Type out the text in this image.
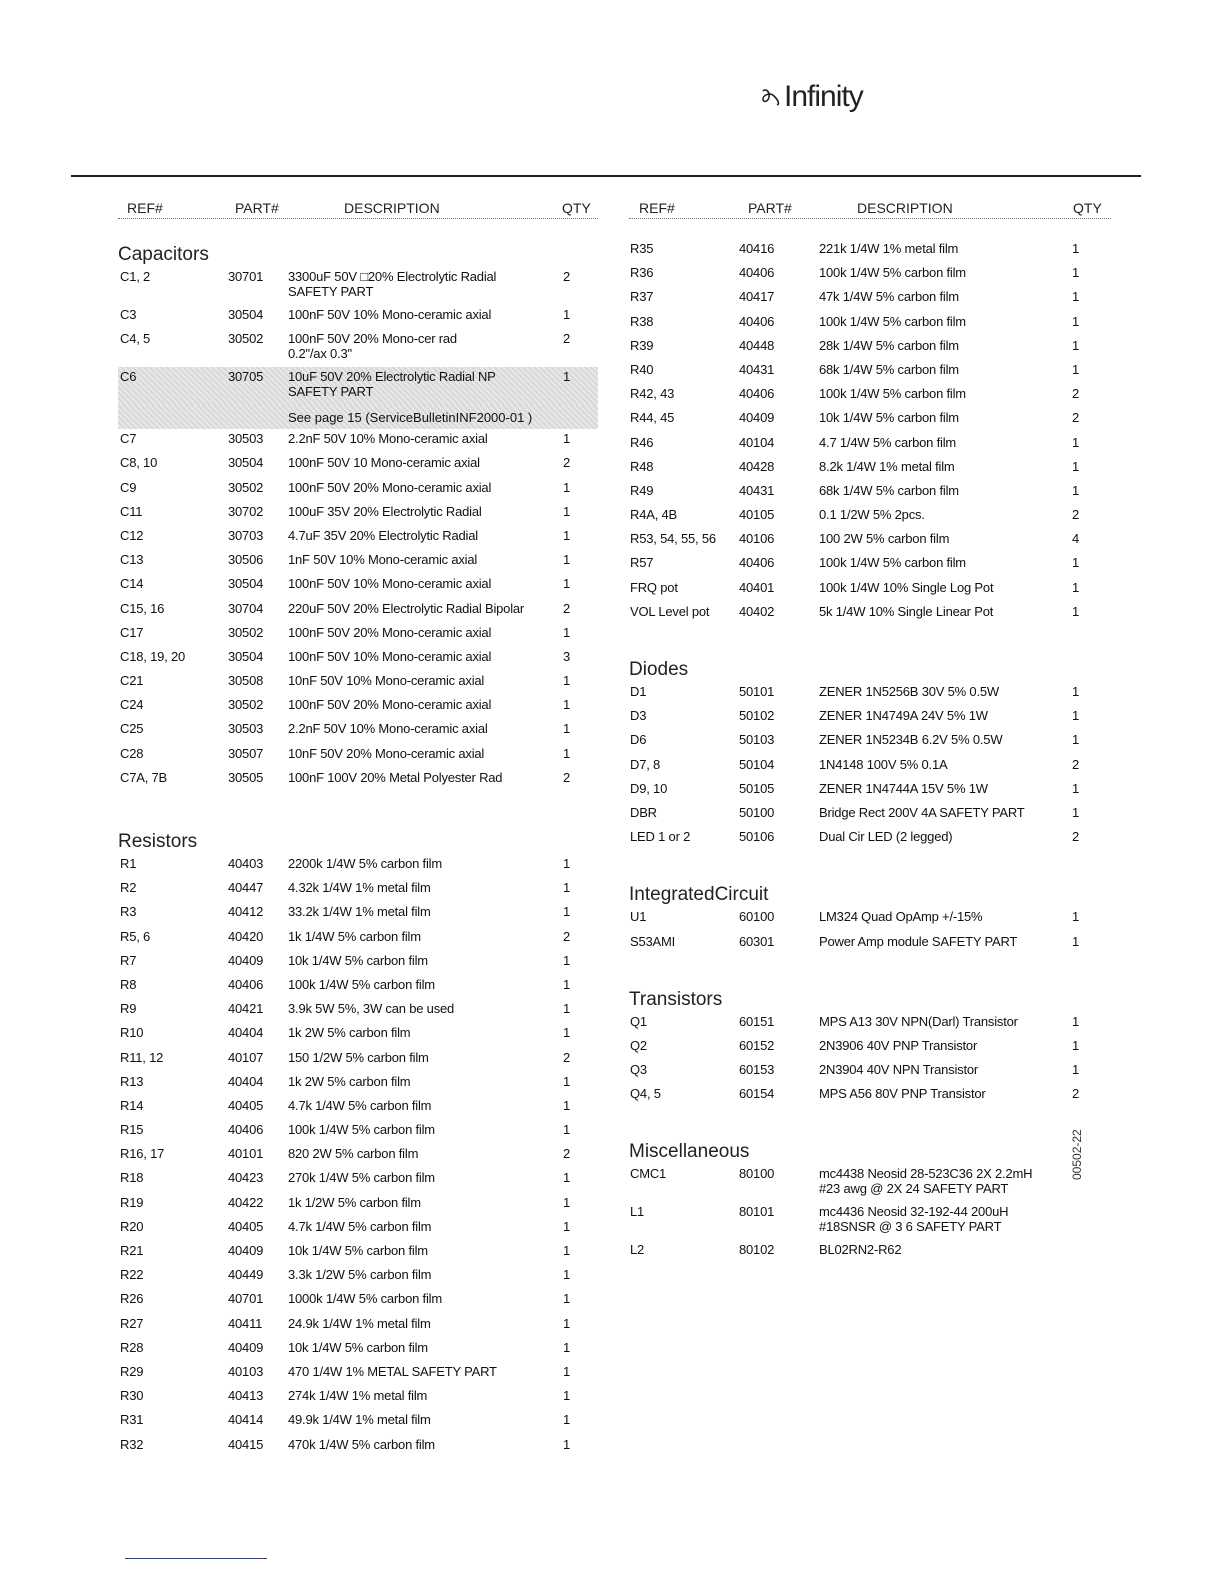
Infinity
REF#	PART#	DESCRIPTION	QTY
Capacitors
C1, 2	30701 3300uF 50V □20% Electrolytic Radial
SAFETY PART
2
C3	30504 100nF 50V 10% Mono-ceramic axial	1
C4, 5	30502 100nF 50V 20% Mono-cer rad
0.2"/ax 0.3"
2
C6	30705 10uF 50V 20% Electrolytic Radial NP
SAFETY PART
1
See page 15 (ServiceBulletinINF2000-01 )
C7	30503 2.2nF 50V 10% Mono-ceramic axial	1
C8, 10	30504 100nF 50V 10 Mono-ceramic axial	2
C9	30502 100nF 50V 20% Mono-ceramic axial	1
C11	30702 100uF 35V 20% Electrolytic Radial	1
C12	30703 4.7uF 35V 20% Electrolytic Radial	1
C13	30506 1nF 50V 10% Mono-ceramic axial	1
C14	30504 100nF 50V 10% Mono-ceramic axial	1
C15, 16	30704 220uF 50V 20% Electrolytic Radial Bipolar	2
C17	30502 100nF 50V 20% Mono-ceramic axial	1
C18, 19, 20	30504 100nF 50V 10% Mono-ceramic axial	3
C21	30508 10nF 50V 10% Mono-ceramic axial	1
C24	30502 100nF 50V 20% Mono-ceramic axial	1
C25	30503 2.2nF 50V 10% Mono-ceramic axial	1
C28	30507 10nF 50V 20% Mono-ceramic axial	1
C7A, 7B	30505 100nF 100V 20% Metal Polyester Rad	2
Resistors
R1	40403 2200k 1/4W 5% carbon film	1
R2	40447 4.32k 1/4W 1% metal film	1
R3	40412 33.2k 1/4W 1% metal film	1
R5, 6	40420 1k 1/4W 5% carbon film	2
R7	40409 10k 1/4W 5% carbon film	1
R8	40406 100k 1/4W 5% carbon film	1
R9	40421 3.9k 5W 5%, 3W can be used	1
R10	40404 1k 2W 5% carbon film	1
R11, 12	40107 150 1/2W 5% carbon film	2
R13	40404 1k 2W 5% carbon film	1
R14	40405 4.7k 1/4W 5% carbon film	1
R15	40406 100k 1/4W 5% carbon film	1
R16, 17	40101 820 2W 5% carbon film	2
R18	40423 270k 1/4W 5% carbon film	1
R19	40422 1k 1/2W 5% carbon film	1
R20	40405 4.7k 1/4W 5% carbon film	1
R21	40409 10k 1/4W 5% carbon film	1
R22	40449 3.3k 1/2W 5% carbon film	1
R26	40701 1000k 1/4W 5% carbon film	1
R27	40411 24.9k 1/4W 1% metal film	1
R28	40409 10k 1/4W 5% carbon film	1
R29	40103 470 1/4W 1% METAL SAFETY PART	1
R30	40413 274k 1/4W 1% metal film	1
R31	40414 49.9k 1/4W 1% metal film	1
R32	40415 470k 1/4W 5% carbon film	1
REF#	PART#	DESCRIPTION	QTY
R35	40416	221k 1/4W 1% metal film	1
R36	40406	100k 1/4W 5% carbon film	1
R37	40417	47k 1/4W 5% carbon film	1
R38	40406	100k 1/4W 5% carbon film	1
R39	40448	28k 1/4W 5% carbon film	1
R40	40431	68k 1/4W 5% carbon film	1
R42, 43	40406	100k 1/4W 5% carbon film	2
R44, 45	40409	10k 1/4W 5% carbon film	2
R46	40104	4.7 1/4W 5% carbon film	1
R48	40428	8.2k 1/4W 1% metal film	1
R49	40431	68k 1/4W 5% carbon film	1
R4A, 4B	40105	0.1 1/2W 5% 2pcs.	2
R53, 54, 55, 56 40106	100 2W 5% carbon film	4
R57	40406	100k 1/4W 5% carbon film	1
FRQ pot	40401	100k 1/4W 10% Single Log Pot	1
VOL Level pot 40402	5k 1/4W 10% Single Linear Pot	1
Diodes
D1	50101	ZENER 1N5256B 30V 5% 0.5W	1
D3	50102	ZENER 1N4749A 24V 5% 1W	1
D6	50103	ZENER 1N5234B 6.2V 5% 0.5W	1
D7, 8	50104	1N4148 100V 5% 0.1A	2
D9, 10	50105	ZENER 1N4744A 15V 5% 1W	1
DBR	50100	Bridge Rect 200V 4A SAFETY PART	1
LED 1 or 2	50106	Dual Cir LED (2 legged)	2
IntegratedCircuit
U1	60100	LM324 Quad OpAmp +/-15%	1
S53AMI	60301	Power Amp module SAFETY PART	1
Transistors
Q1	60151	MPS A13 30V NPN(Darl) Transistor	1
Q2	60152	2N3906 40V PNP Transistor	1
Q3	60153	2N3904 40V NPN Transistor	1
Q4, 5	60154	MPS A56 80V PNP Transistor	2
Miscellaneous
CMC1	80100	mc4438 Neosid 28-523C36 2X 2.2mH
#23 awg @ 2X 24 SAFETY PART
L1	80101	mc4436 Neosid 32-192-44 200uH
#18SNSR @ 3 6 SAFETY PART
L2	80102	BL02RN2-R62
00502-22
